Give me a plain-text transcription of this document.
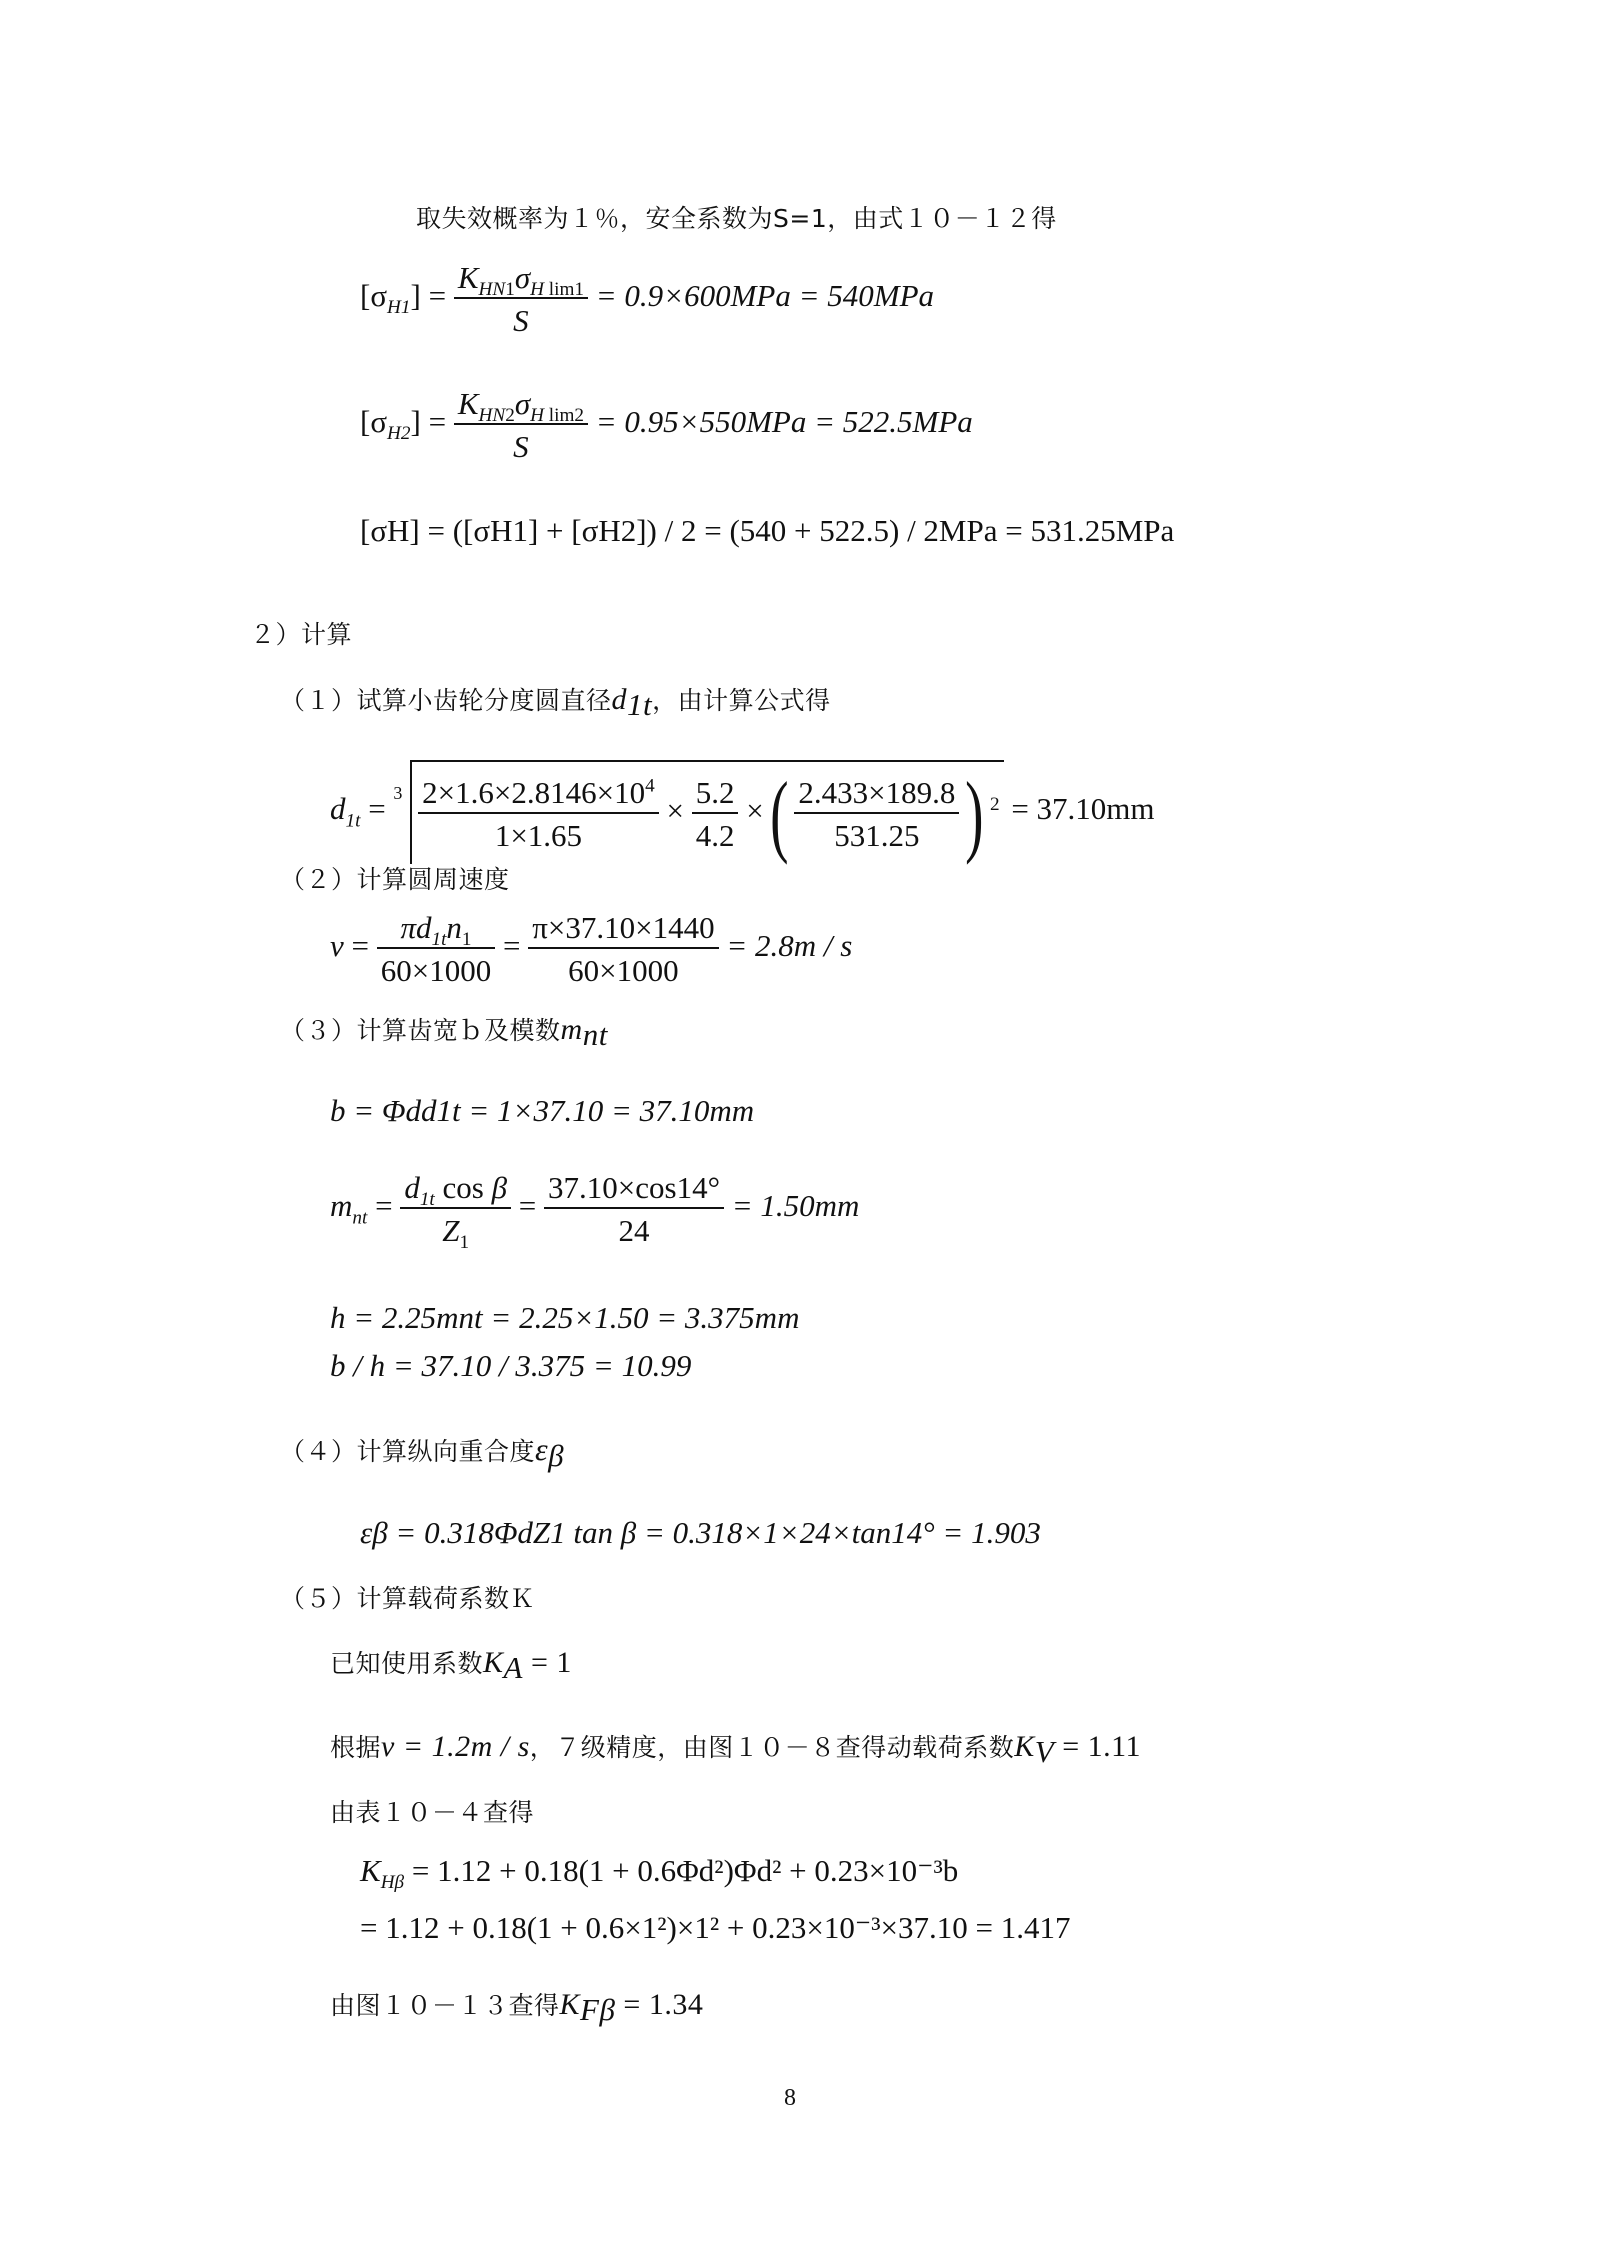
取失效概率为１％，安全系数为S=1，由式１０－１２得
$[\sigma_{H1}] = \frac{K_{HN1}\sigma_{H lim1}}{S} = 0.9\times 600MPa = 540MPa$
$[\sigma_{H2}] = \frac{K_{HN2}\sigma_{H lim2}}{S} = 0.95\times 550MPa = 522.5MPa$
[σH] = ([σH1] + [σH2]) / 2 = (540 + 522.5) / 2MPa = 531.25MPa
２）计算
（１）试算小齿轮分度圆直径$d_{1t}$，由计算公式得
$d_{1t} = ^3 \frac{2\times 1.6\times 2.8146\times 10^4}{1\times 1.65} \times \frac{5.2}{4.2}$ ×( $\frac{2.433\times 189.8}{531.25}$ ) $^2$ = 37.10mm
（２）计算圆周速度
$v = \frac{\pi d_{1t}n_1}{60\times 1000} = \frac{\pi\times 37.10\times 1440}{60\times 1000} = 2.8m / s$
（３）计算齿宽ｂ及模数$m_{nt}$
b = Φdd1t = 1×37.10 = 37.10mm
$m_{nt} = \frac{d_{1t} \cos \beta}{Z_1} = \frac{37.10\times\cos 14^\circ}{24} = 1.50mm$
h = 2.25mnt = 2.25×1.50 = 3.375mm
b / h = 37.10 / 3.375 = 10.99
（４）计算纵向重合度$\varepsilon_\beta$
εβ = 0.318ΦdZ1 tan β = 0.318×1×24×tan14° = 1.903
（５）计算载荷系数Ｋ
已知使用系数$K_A = 1$
根据v = 1.2m / s，７级精度，由图１０－８查得动载荷系数$K_V = 1.11$
由表１０－４查得
$K_{H\beta} = 1.12 + 0.18(1 + 0.6\Phi d^2)\Phi d^2 + 0.23\times 10^{-3}b$
= 1.12 + 0.18(1 + 0.6×1²)×1² + 0.23×10⁻³×37.10 = 1.417
由图１０－１３查得$K_{F\beta} = 1.34$
8
